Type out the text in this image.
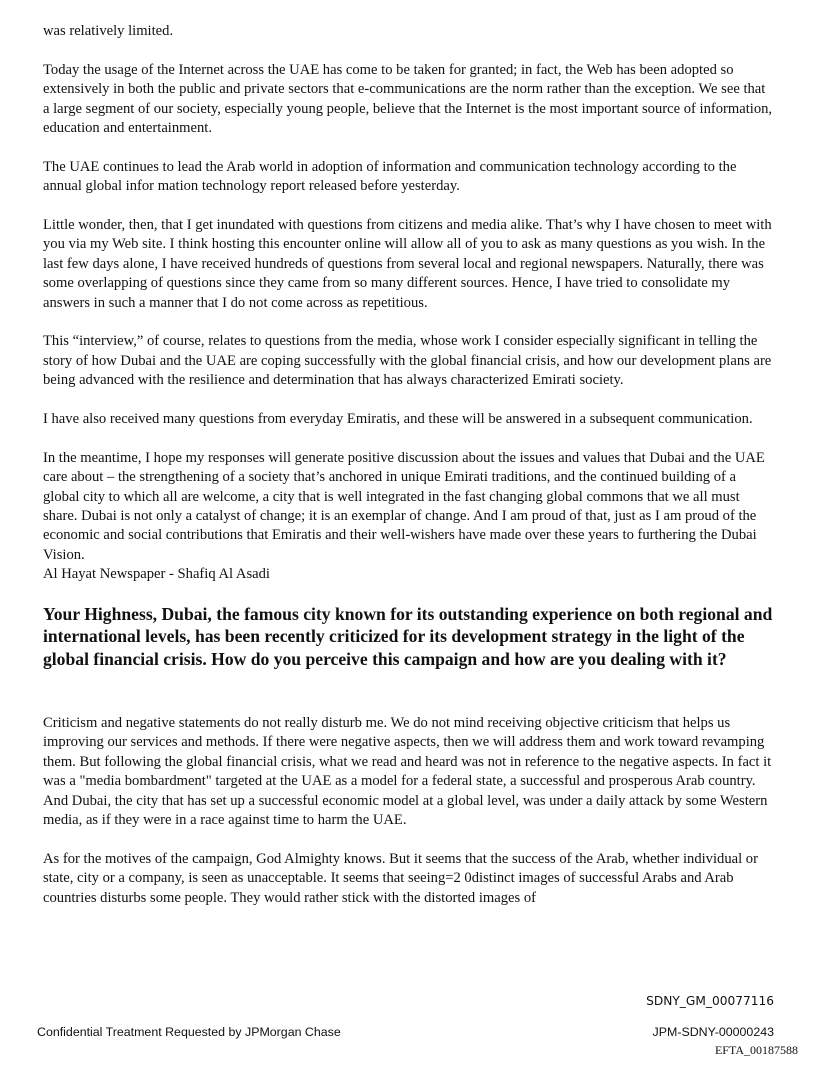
was relatively limited.

Today the usage of the Internet across the UAE has come to be taken for granted; in fact, the Web has been adopted so extensively in both the public and private sectors that e-communications are the norm rather than the exception. We see that a large segment of our society, especially young people, believe that the Internet is the most important source of information, education and entertainment.

The UAE continues to lead the Arab world in adoption of information and communication technology according to the annual global infor mation technology report released before yesterday.

Little wonder, then, that I get inundated with questions from citizens and media alike. That’s why I have chosen to meet with you via my Web site. I think hosting this encounter online will allow all of you to ask as many questions as you wish. In the last few days alone, I have received hundreds of questions from several local and regional newspapers. Naturally, there was some overlapping of questions since they came from so many different sources. Hence, I have tried to consolidate my answers in such a manner that I do not come across as repetitious.

This “interview,” of course, relates to questions from the media, whose work I consider especially significant in telling the story of how Dubai and the UAE are coping successfully with the global financial crisis, and how our development plans are being advanced with the resilience and determination that has always characterized Emirati society.

I have also received many questions from everyday Emiratis, and these will be answered in a subsequent communication.

In the meantime, I hope my responses will generate positive discussion about the issues and values that Dubai and the UAE care about – the strengthening of a society that’s anchored in unique Emirati traditions, and the continued building of a global city to which all are welcome, a city that is well integrated in the fast changing global commons that we all must share. Dubai is not only a catalyst of change; it is an exemplar of change. And I am proud of that, just as I am proud of the economic and social contributions that Emiratis and their well-wishers have made over these years to furthering the Dubai Vision.

Al Hayat Newspaper - Shafiq Al Asadi

Your Highness, Dubai, the famous city known for its outstanding experience on both regional and international levels, has been recently criticized for its development strategy in the light of the global financial crisis. How do you perceive this campaign and how are you dealing with it?

Criticism and negative statements do not really disturb me. We do not mind receiving objective criticism that helps us improving our services and methods. If there were negative aspects, then we will address them and work toward revamping them. But following the global financial crisis, what we read and heard was not in reference to the negative aspects. In fact it was a "media bombardment" targeted at the UAE as a model for a federal state, a successful and prosperous Arab country. And Dubai, the city that has set up a successful economic model at a global level, was under a daily attack by some Western media, as if they were in a race against time to harm the UAE.

As for the motives of the campaign, God Almighty knows. But it seems that the success of the Arab, whether individual or state, city or a company, is seen as unacceptable. It seems that seeing=2 0distinct images of successful Arabs and Arab countries disturbs some people. They would rather stick with the distorted images of

SDNY_GM_00077116
Confidential Treatment Requested by JPMorgan Chase	JPM-SDNY-00000243
EFTA_00187588
